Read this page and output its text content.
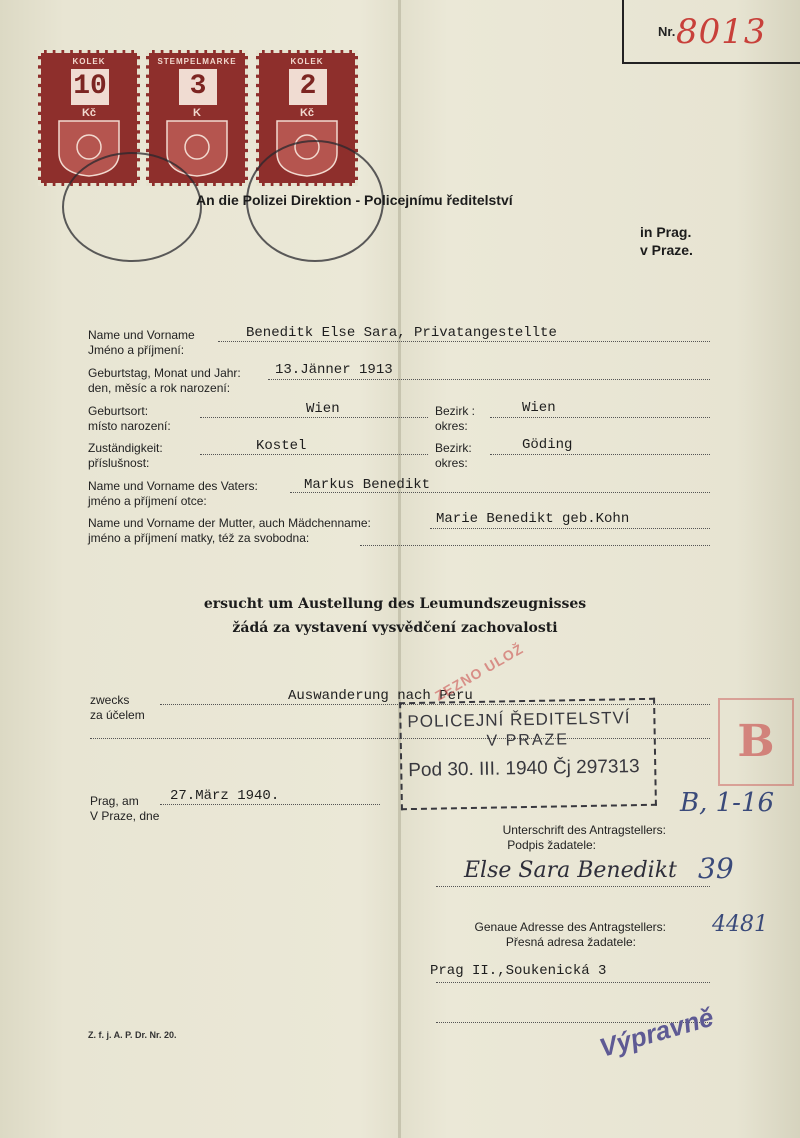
Nr. 8013
KOLEK
10
Kč
STEMPELMARKE
3
K
KOLEK
2
Kč
An die Polizei Direktion - Policejnímu ředitelství
in Prag.
v Praze.
Name und Vorname
Jméno a příjmení:
Beneditk Else Sara, Privatangestellte
Geburtstag, Monat und Jahr:
den, měsíc a rok narození:
13.Jänner 1913
Geburtsort:
místo narození:
Wien	Bezirk :
okres:
Wien
Zuständigkeit:
příslušnost:
Kostel	Bezirk:
okres:
Göding
Name und Vorname des Vaters:
jméno a příjmení otce:
Markus Benedikt
Name und Vorname der Mutter, auch Mädchenname:
jméno a příjmení matky, též za svobodna:
Marie Benedikt geb.Kohn
ersucht um Austellung des Leumundszeugnisses
žádá za vystavení vysvědčení zachovalosti
zwecks
za účelem
Auswanderung nach Peru
POLICEJNÍ ŘEDITELSTVÍ
V PRAZE
Pod 30. III. 1940 Čj 297313
ZEZNO ULOŽ
B
B, 1-16
39
4481
Prag, am
V Praze, dne
27.März 1940.
Unterschrift des Antragstellers:
Podpis žadatele:
Else Sara Benedikt
Genaue Adresse des Antragstellers:
Přesná adresa žadatele:
Prag II.,Soukenická 3
Z. f. j. A. P. Dr. Nr. 20.	Výpravně
